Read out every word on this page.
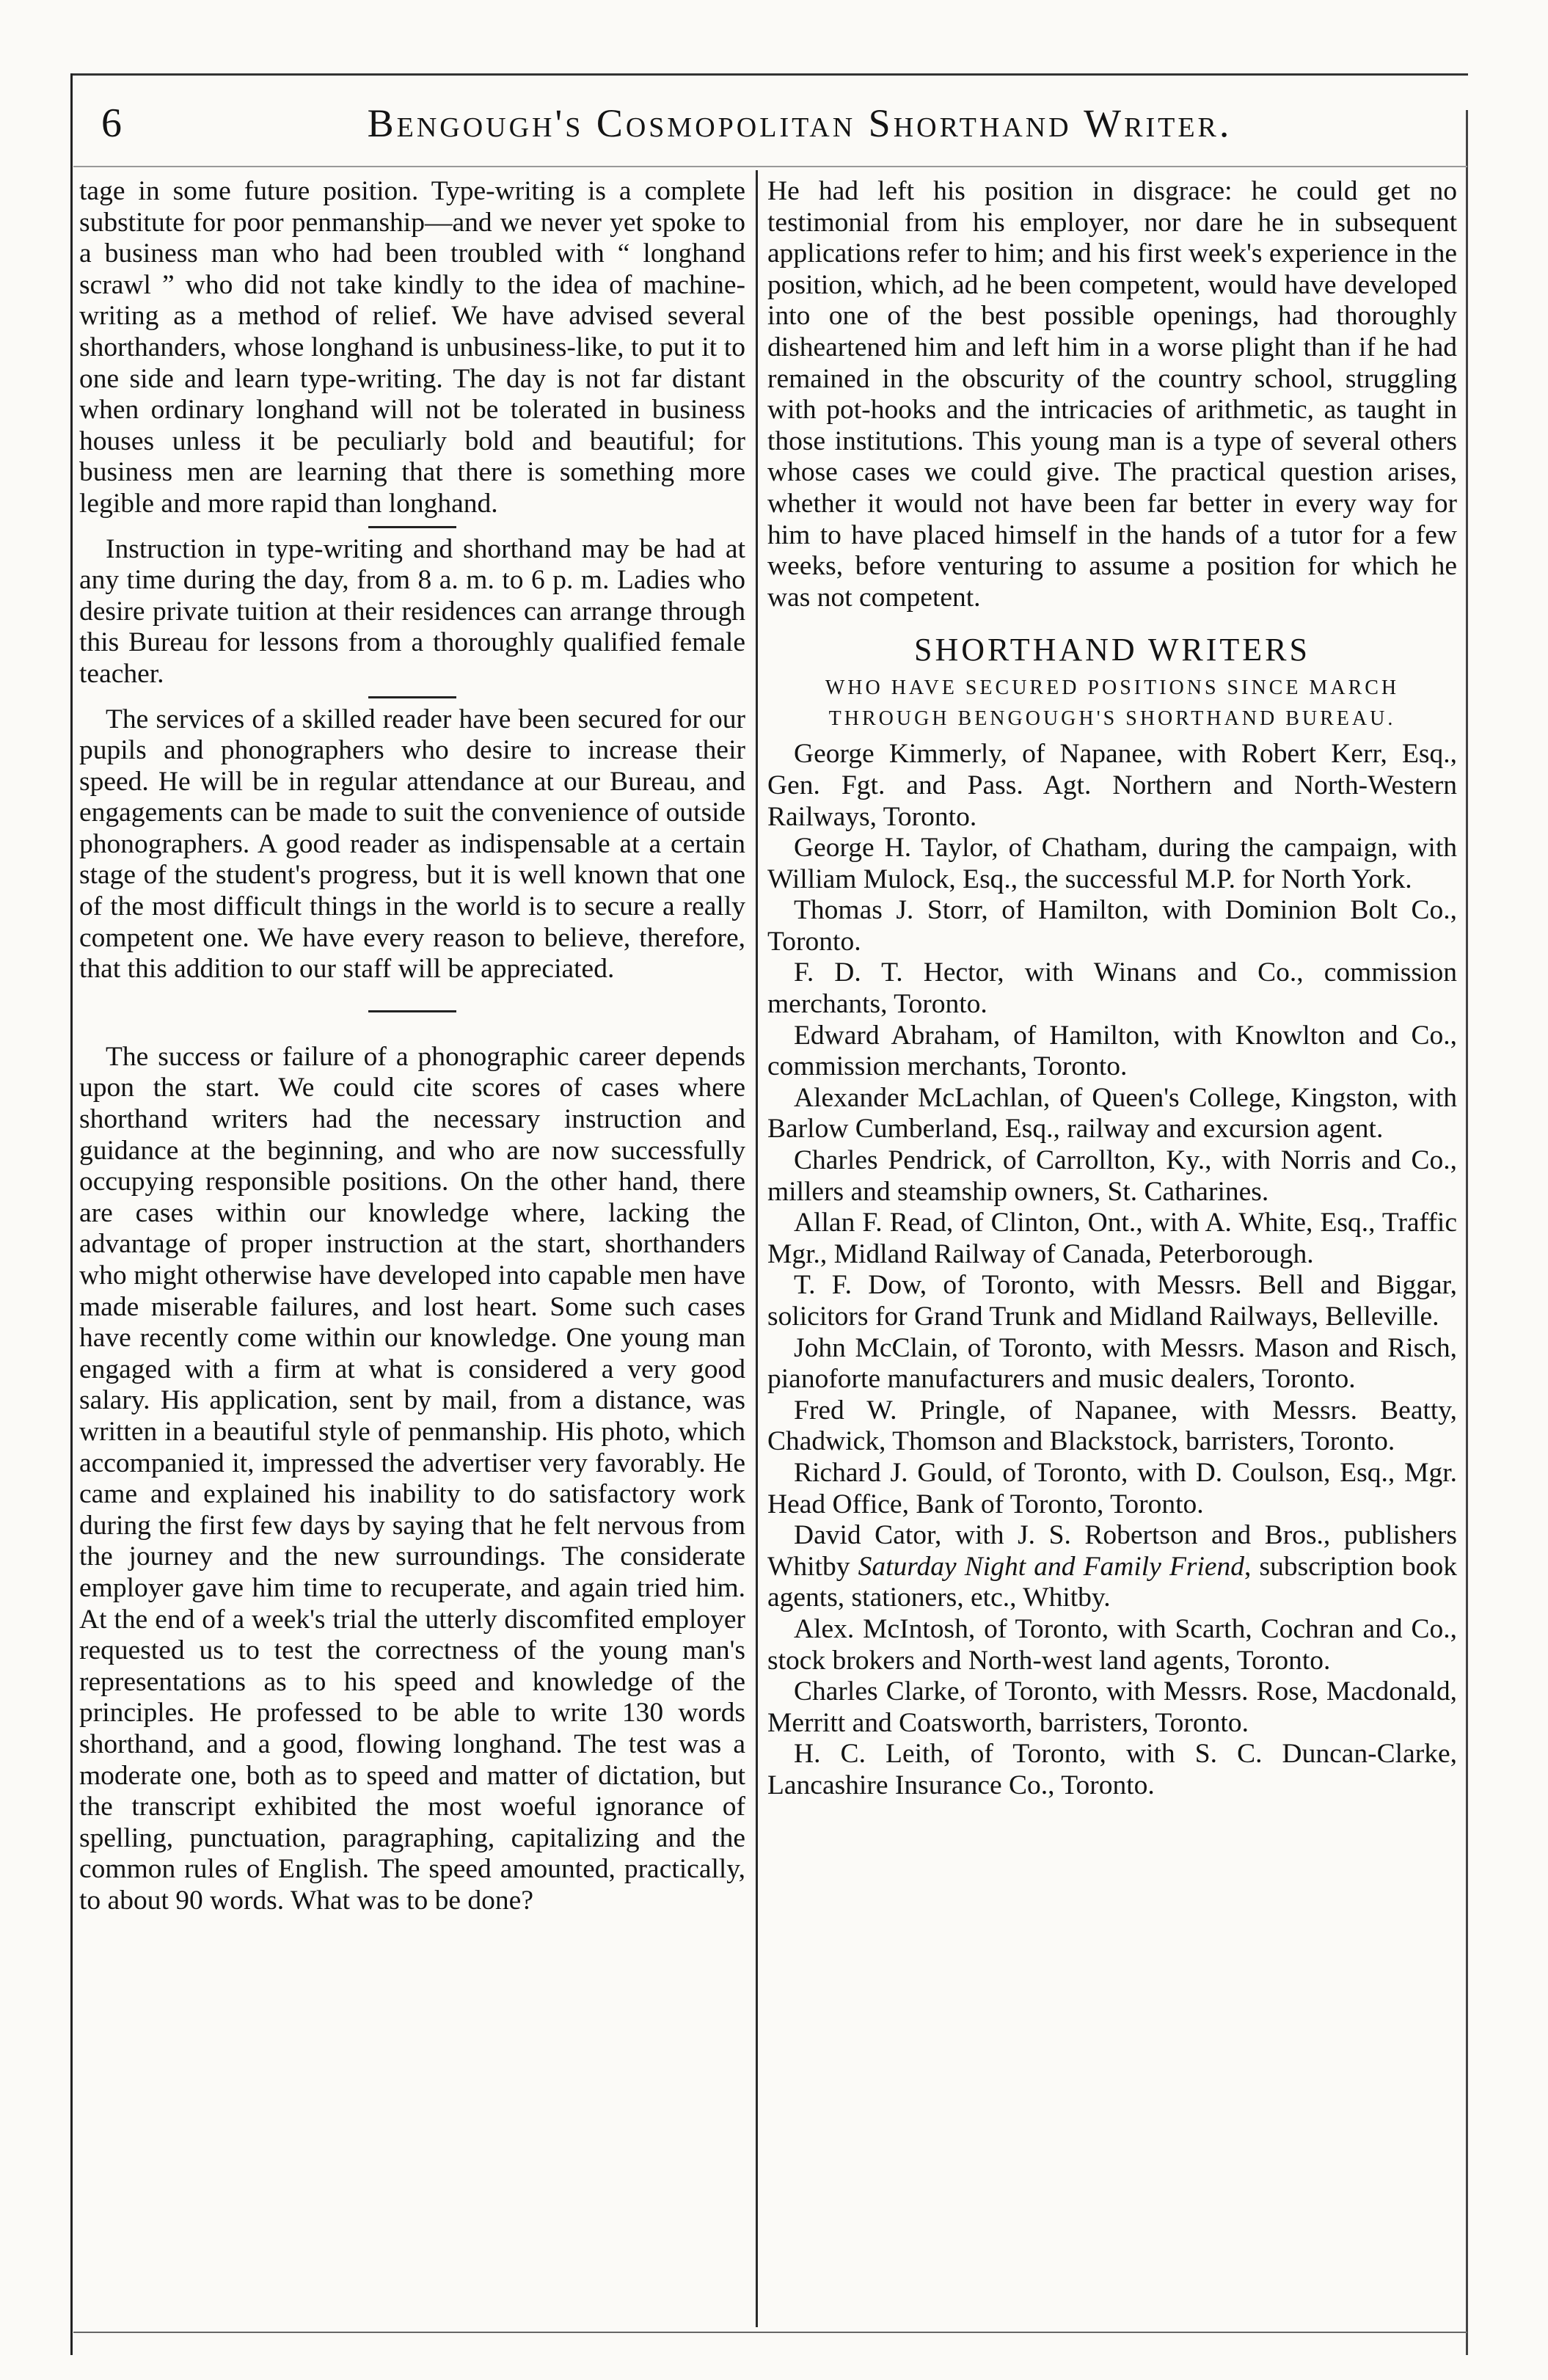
6	Bengough's Cosmopolitan Shorthand Writer.

tage in some future position. Type-writing is a complete substitute for poor penmanship—and we never yet spoke to a business man who had been troubled with “ longhand scrawl ” who did not take kindly to the idea of machine-writing as a method of relief. We have advised several shorthanders, whose longhand is unbusiness-like, to put it to one side and learn type-writing. The day is not far distant when ordinary longhand will not be tolerated in business houses unless it be peculiarly bold and beautiful; for business men are learning that there is something more legible and more rapid than longhand.

Instruction in type-writing and shorthand may be had at any time during the day, from 8 a. m. to 6 p. m. Ladies who desire private tuition at their residences can arrange through this Bureau for lessons from a thoroughly qualified female teacher.

The services of a skilled reader have been secured for our pupils and phonographers who desire to increase their speed. He will be in regular attendance at our Bureau, and engagements can be made to suit the convenience of outside phonographers. A good reader as indispensable at a certain stage of the student's progress, but it is well known that one of the most difficult things in the world is to secure a really competent one. We have every reason to believe, therefore, that this addition to our staff will be appreciated.

The success or failure of a phonographic career depends upon the start. We could cite scores of cases where shorthand writers had the necessary instruction and guidance at the beginning, and who are now successfully occupying responsible positions. On the other hand, there are cases within our knowledge where, lacking the advantage of proper instruction at the start, shorthanders who might otherwise have developed into capable men have made miserable failures, and lost heart. Some such cases have recently come within our knowledge. One young man engaged with a firm at what is considered a very good salary. His application, sent by mail, from a distance, was written in a beautiful style of penmanship. His photo, which accompanied it, impressed the advertiser very favorably. He came and explained his inability to do satisfactory work during the first few days by saying that he felt nervous from the journey and the new surroundings. The considerate employer gave him time to recuperate, and again tried him. At the end of a week's trial the utterly discomfited employer requested us to test the correctness of the young man's representations as to his speed and knowledge of the principles. He professed to be able to write 130 words shorthand, and a good, flowing longhand. The test was a moderate one, both as to speed and matter of dictation, but the transcript exhibited the most woeful ignorance of spelling, punctuation, paragraphing, capitalizing and the common rules of English. The speed amounted, practically, to about 90 words. What was to be done?

He had left his position in disgrace: he could get no testimonial from his employer, nor dare he in subsequent applications refer to him; and his first week's experience in the position, which, ad he been competent, would have developed into one of the best possible openings, had thoroughly disheartened him and left him in a worse plight than if he had remained in the obscurity of the country school, struggling with pot-hooks and the intricacies of arithmetic, as taught in those institutions. This young man is a type of several others whose cases we could give. The practical question arises, whether it would not have been far better in every way for him to have placed himself in the hands of a tutor for a few weeks, before venturing to assume a position for which he was not competent.

SHORTHAND WRITERS
WHO HAVE SECURED POSITIONS SINCE MARCH
THROUGH BENGOUGH'S SHORTHAND BUREAU.

George Kimmerly, of Napanee, with Robert Kerr, Esq., Gen. Fgt. and Pass. Agt. Northern and North-Western Railways, Toronto.

George H. Taylor, of Chatham, during the campaign, with William Mulock, Esq., the successful M.P. for North York.

Thomas J. Storr, of Hamilton, with Dominion Bolt Co., Toronto.

F. D. T. Hector, with Winans and Co., commission merchants, Toronto.

Edward Abraham, of Hamilton, with Knowlton and Co., commission merchants, Toronto.

Alexander McLachlan, of Queen's College, Kingston, with Barlow Cumberland, Esq., railway and excursion agent.

Charles Pendrick, of Carrollton, Ky., with Norris and Co., millers and steamship owners, St. Catharines.

Allan F. Read, of Clinton, Ont., with A. White, Esq., Traffic Mgr., Midland Railway of Canada, Peterborough.

T. F. Dow, of Toronto, with Messrs. Bell and Biggar, solicitors for Grand Trunk and Midland Railways, Belleville.

John McClain, of Toronto, with Messrs. Mason and Risch, pianoforte manufacturers and music dealers, Toronto.

Fred W. Pringle, of Napanee, with Messrs. Beatty, Chadwick, Thomson and Blackstock, barristers, Toronto.

Richard J. Gould, of Toronto, with D. Coulson, Esq., Mgr. Head Office, Bank of Toronto, Toronto.

David Cator, with J. S. Robertson and Bros., publishers Whitby Saturday Night and Family Friend, subscription book agents, stationers, etc., Whitby.

Alex. McIntosh, of Toronto, with Scarth, Cochran and Co., stock brokers and North-west land agents, Toronto.

Charles Clarke, of Toronto, with Messrs. Rose, Macdonald, Merritt and Coatsworth, barristers, Toronto.

H. C. Leith, of Toronto, with S. C. Duncan-Clarke, Lancashire Insurance Co., Toronto.
